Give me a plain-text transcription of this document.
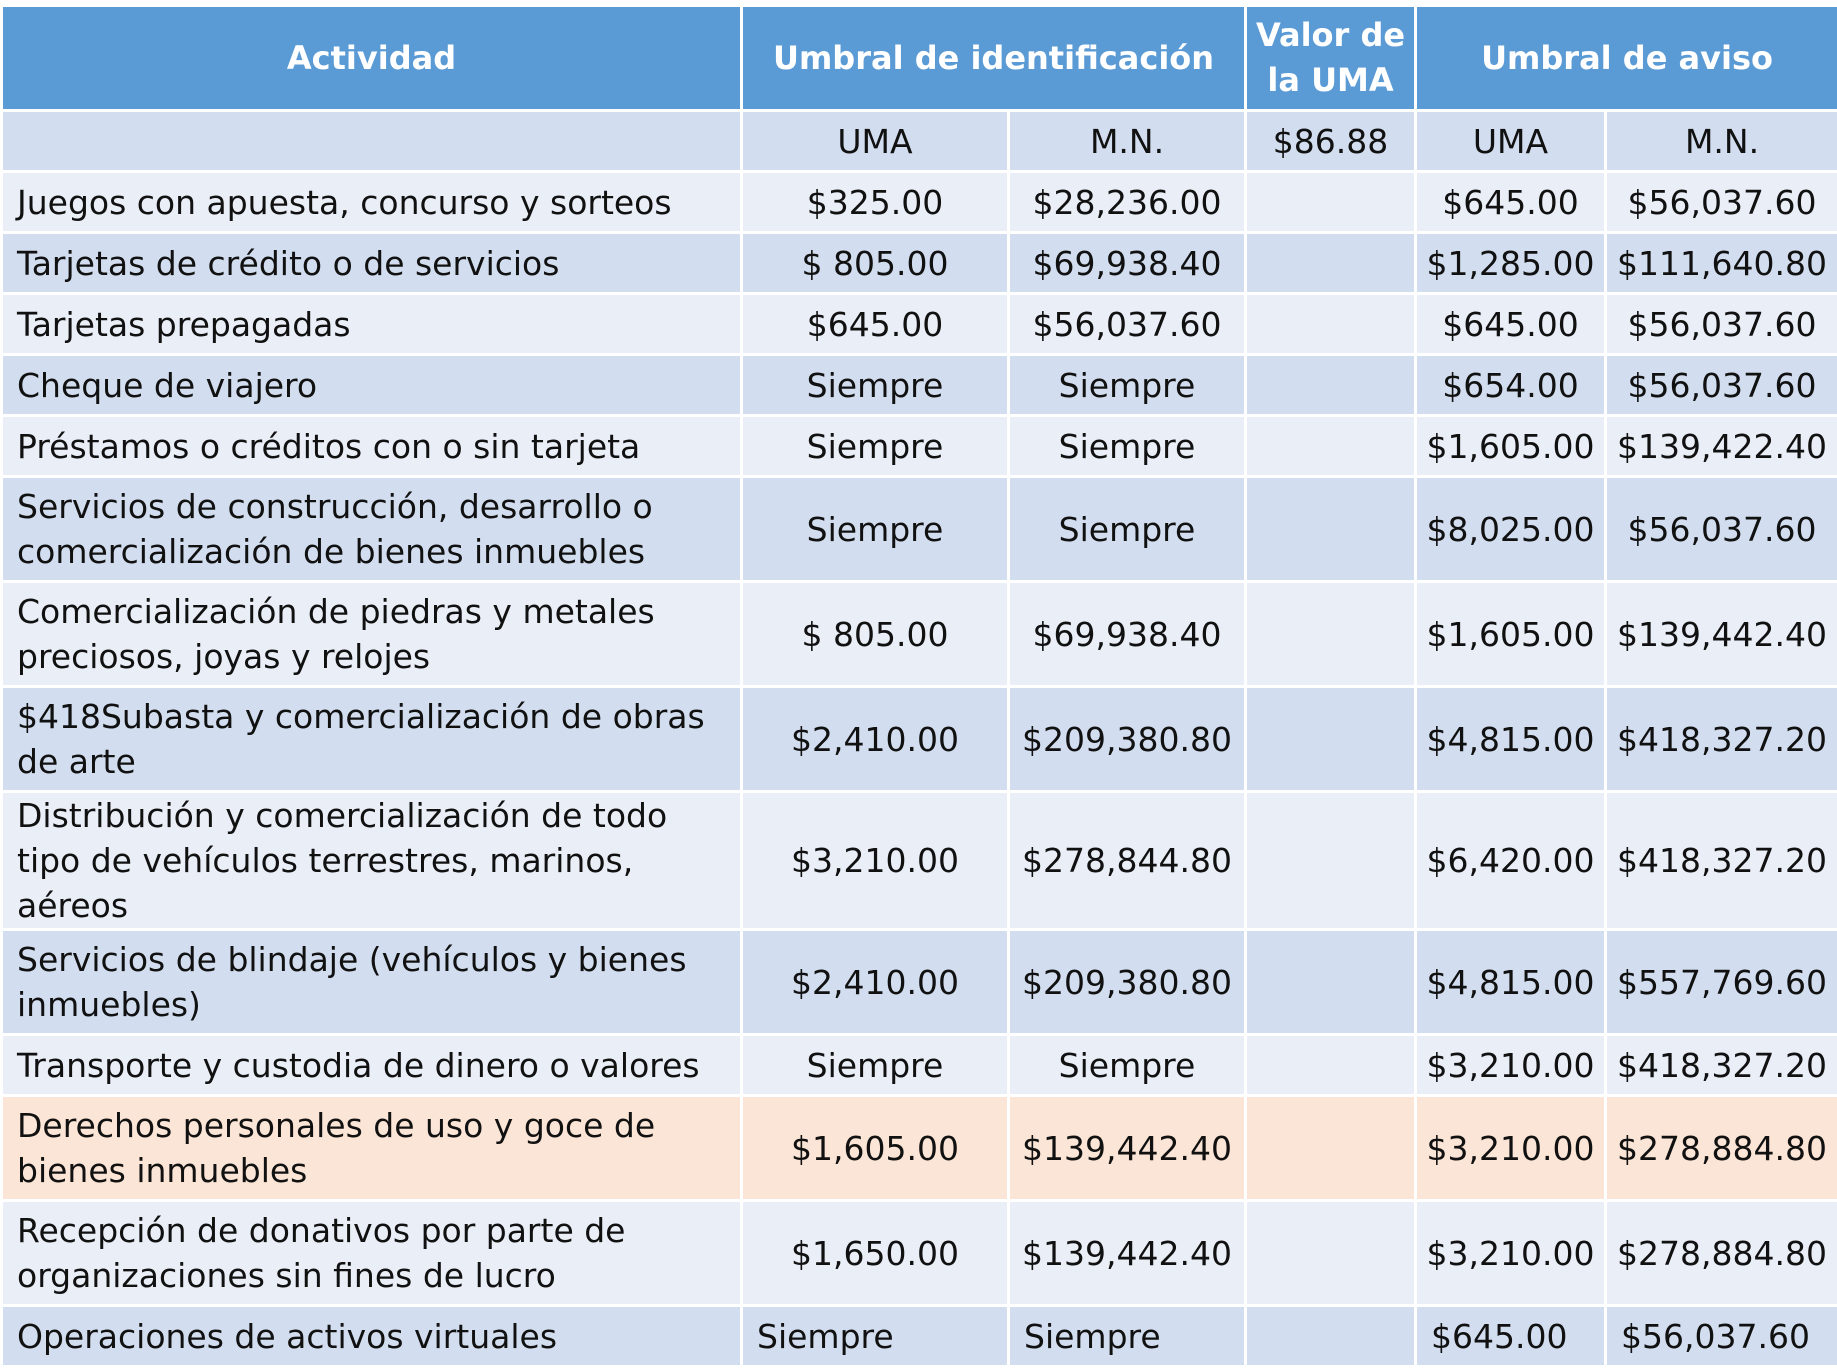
Actividad	Umbral de identificación		Valor de la UMA	Umbral de aviso	
	UMA	M.N.	$86.88	UMA	M.N.
Juegos con apuesta, concurso y sorteos	$325.00	$28,236.00		$645.00	$56,037.60
Tarjetas de crédito o de servicios	$ 805.00	$69,938.40		$1,285.00	$111,640.80
Tarjetas prepagadas	$645.00	$56,037.60		$645.00	$56,037.60
Cheque de viajero	Siempre	Siempre		$654.00	$56,037.60
Préstamos o créditos con o sin tarjeta	Siempre	Siempre		$1,605.00	$139,422.40
Servicios de construcción, desarrollo o comercialización de bienes inmuebles	Siempre	Siempre		$8,025.00	$56,037.60
Comercialización de piedras y metales preciosos, joyas y relojes	$ 805.00	$69,938.40		$1,605.00	$139,442.40
$418Subasta y comercialización de obras de arte	$2,410.00	$209,380.80		$4,815.00	$418,327.20
Distribución y comercialización de todo tipo de vehículos terrestres, marinos, aéreos	$3,210.00	$278,844.80		$6,420.00	$418,327.20
Servicios de blindaje (vehículos y bienes inmuebles)	$2,410.00	$209,380.80		$4,815.00	$557,769.60
Transporte y custodia de dinero o valores	Siempre	Siempre		$3,210.00	$418,327.20
Derechos personales de uso y goce de bienes inmuebles	$1,605.00	$139,442.40		$3,210.00	$278,884.80
Recepción de donativos por parte de organizaciones sin fines de lucro	$1,650.00	$139,442.40		$3,210.00	$278,884.80
Operaciones de activos virtuales	Siempre	Siempre		$645.00	$56,037.60
